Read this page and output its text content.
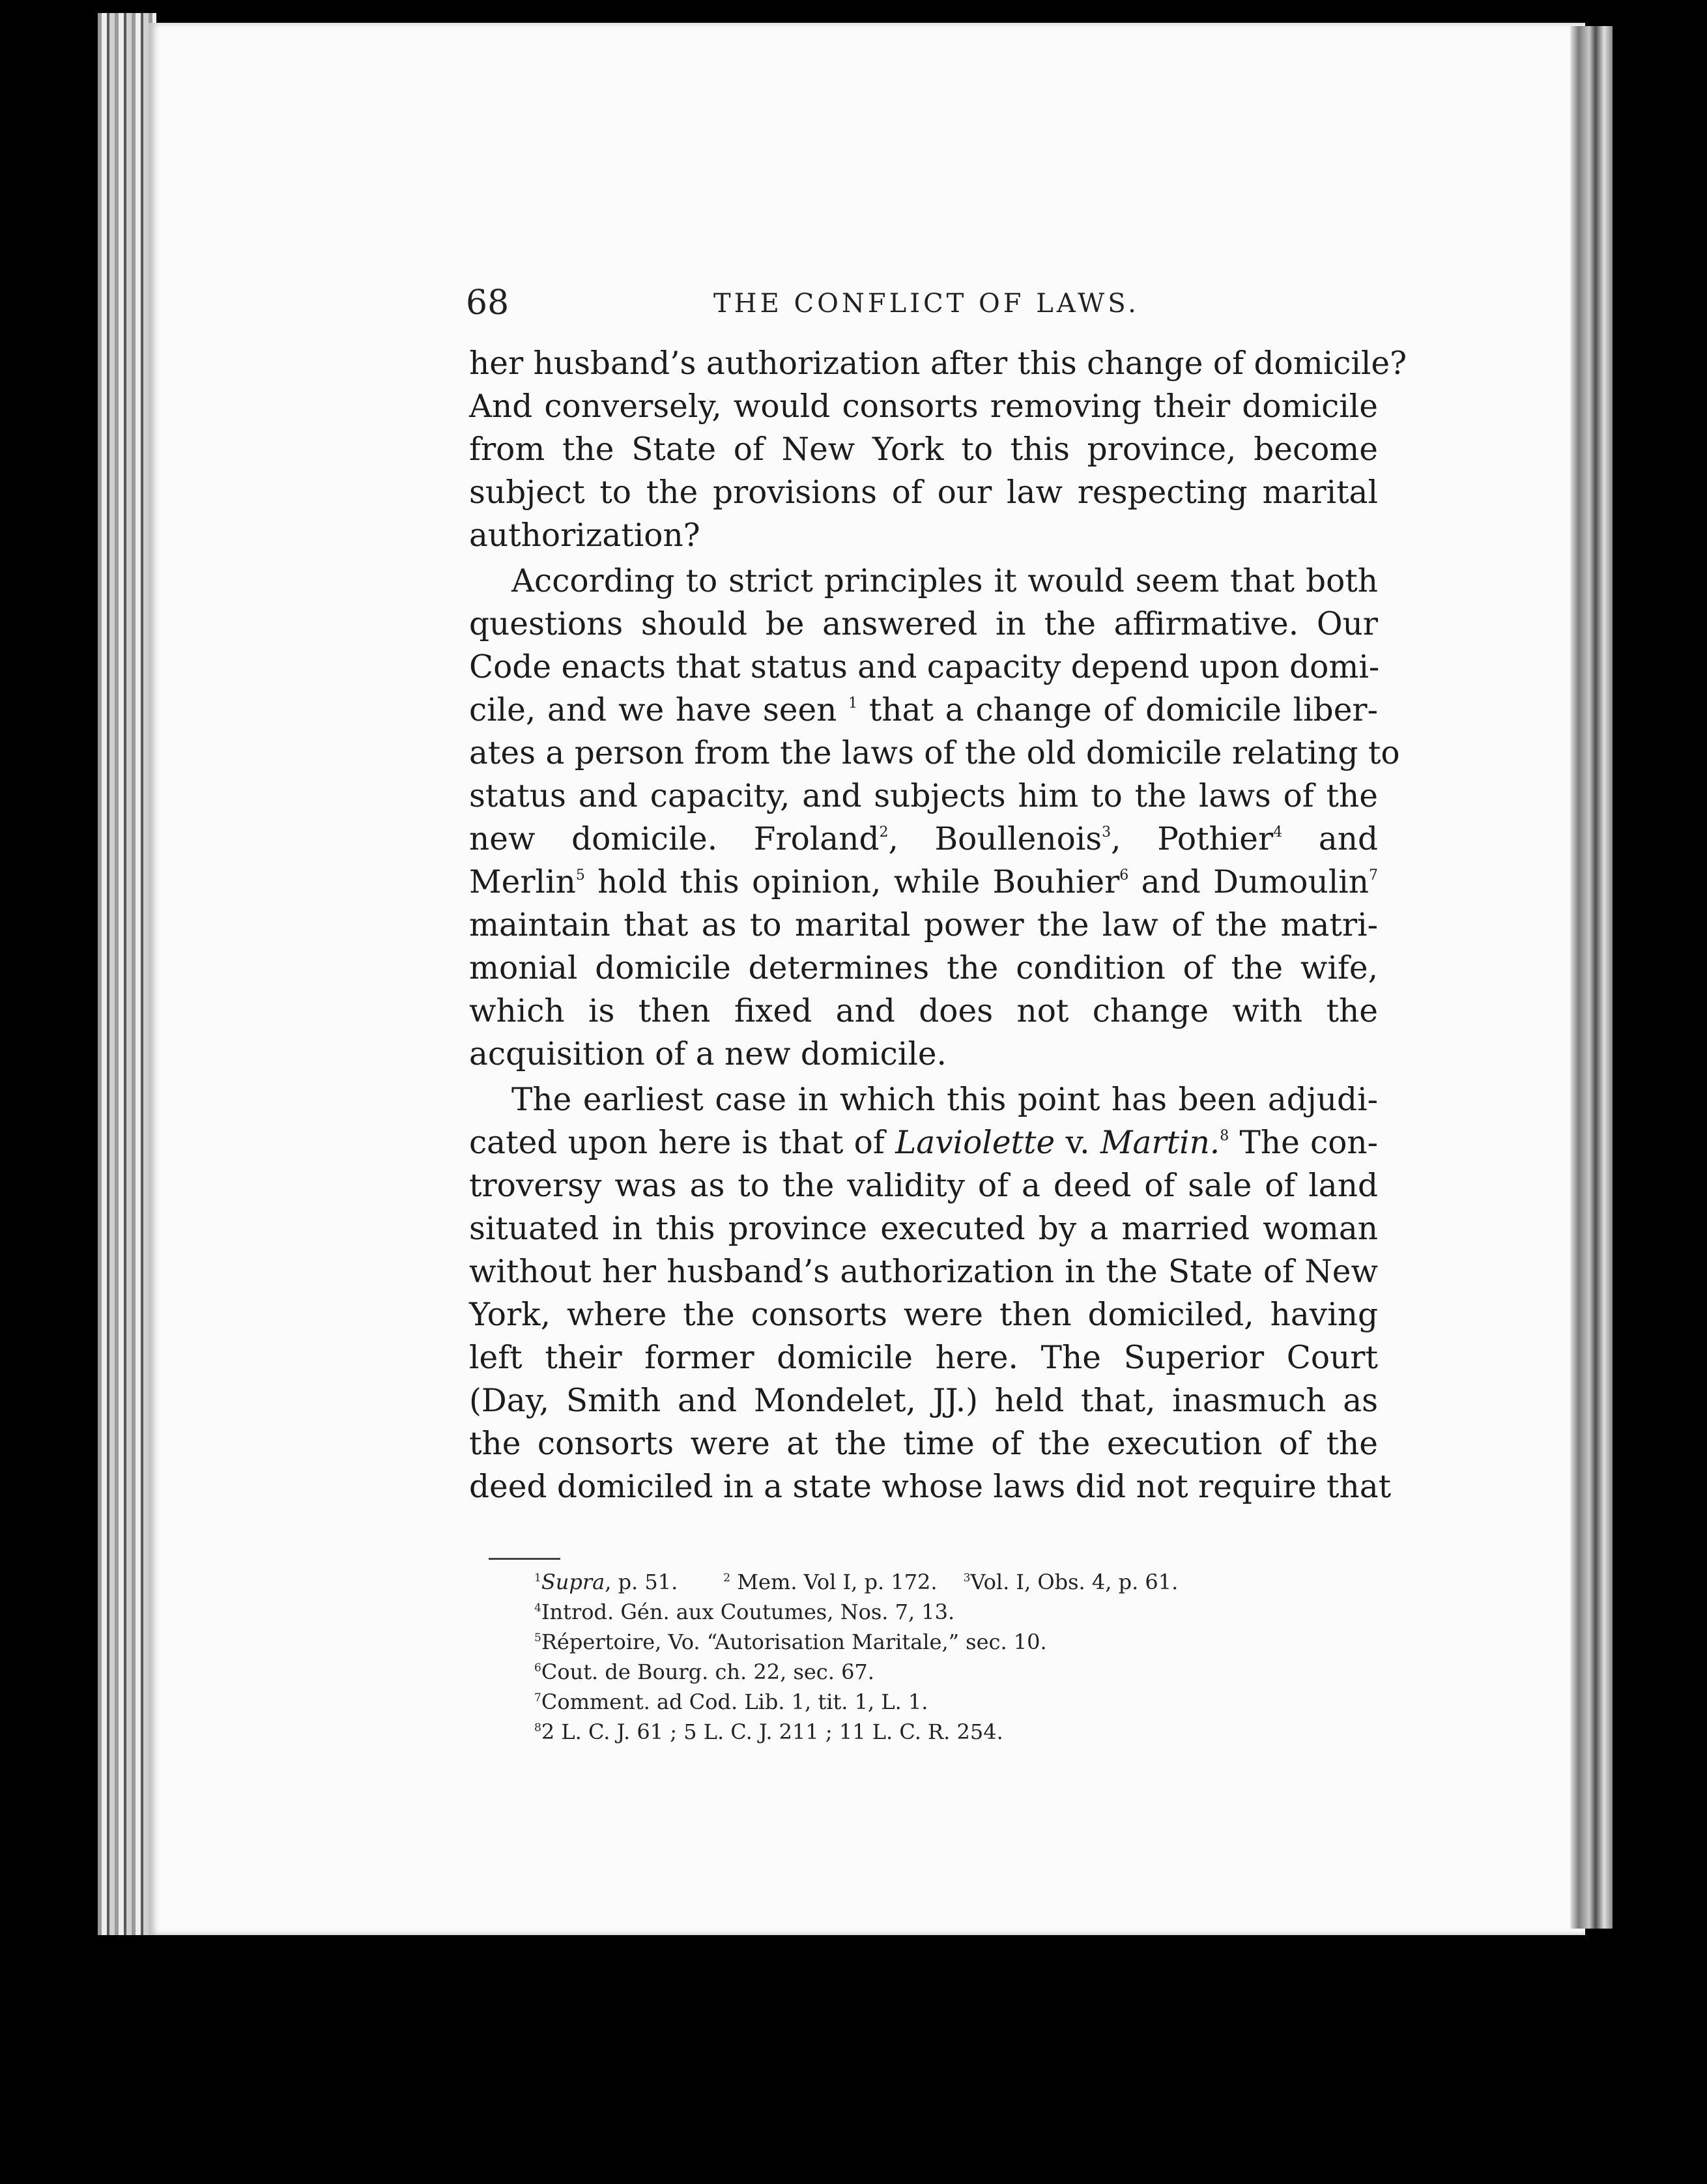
68	THE CONFLICT OF LAWS.
her husband’s authorization after this change of domicile?
And conversely, would consorts removing their domicile
from the State of New York to this province, become
subject to the provisions of our law respecting marital
authorization?
According to strict principles it would seem that both
questions should be answered in the affirmative. Our
Code enacts that status and capacity depend upon domi-
cile, and we have seen $^1$ that a change of domicile liber-
ates a person from the laws of the old domicile relating to
status and capacity, and subjects him to the laws of the
new domicile. Froland$^2$, Boullenois$^3$, Pothier$^4$ and
Merlin$^5$ hold this opinion, while Bouhier$^6$ and Dumoulin$^7$
maintain that as to marital power the law of the matri-
monial domicile determines the condition of the wife,
which is then fixed and does not change with the
acquisition of a new domicile.
The earliest case in which this point has been adjudi-
cated upon here is that of Laviolette v. Martin.$^8$ The con-
troversy was as to the validity of a deed of sale of land
situated in this province executed by a married woman
without her husband’s authorization in the State of New
York, where the consorts were then domiciled, having
left their former domicile here. The Superior Court
(Day, Smith and Mondelet, JJ.) held that, inasmuch as
the consorts were at the time of the execution of the
deed domiciled in a state whose laws did not require that
$^1$Supra, p. 51.	$^2$ Mem. Vol I, p. 172. $^3$Vol. I, Obs. 4, p. 61.
$^4$Introd. Gén. aux Coutumes, Nos. 7, 13.
$^5$Répertoire, Vo. “Autorisation Maritale,” sec. 10.
$^6$Cout. de Bourg. ch. 22, sec. 67.
$^7$Comment. ad Cod. Lib. 1, tit. 1, L. 1.
$^8$2 L. C. J. 61 ; 5 L. C. J. 211 ; 11 L. C. R. 254.
